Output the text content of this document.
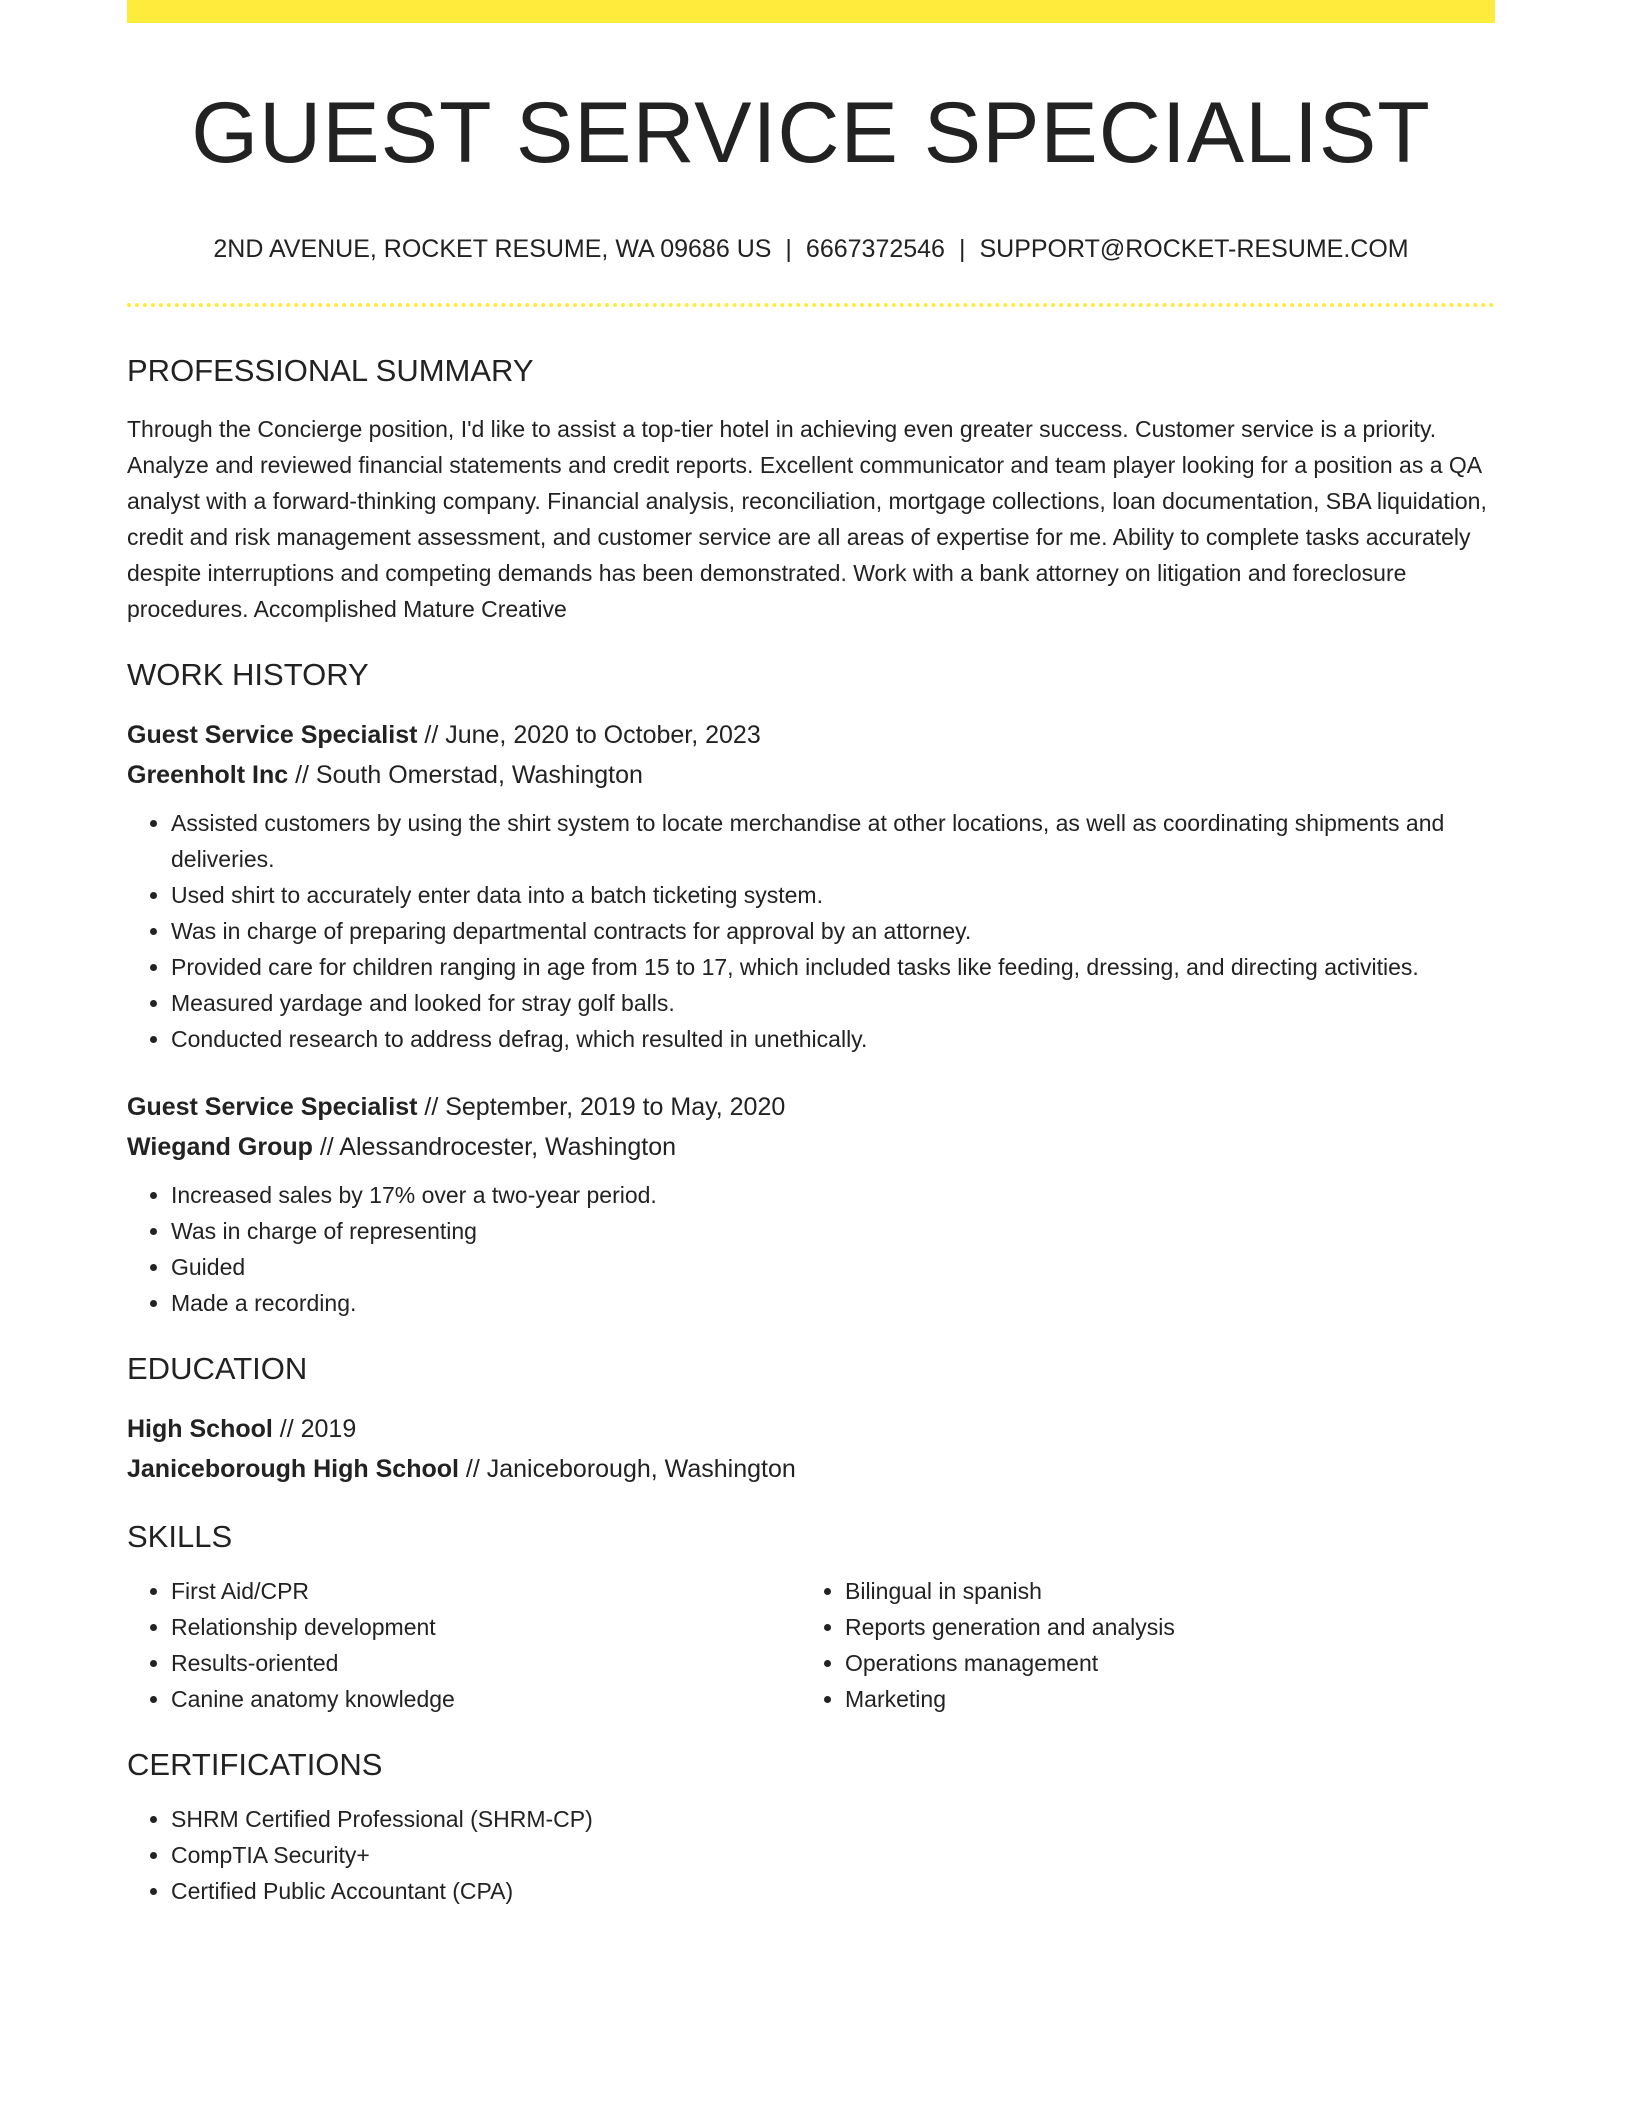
GUEST SERVICE SPECIALIST
2ND AVENUE, ROCKET RESUME, WA 09686 US | 6667372546 | SUPPORT@ROCKET-RESUME.COM
PROFESSIONAL SUMMARY
Through the Concierge position, I'd like to assist a top-tier hotel in achieving even greater success. Customer service is a priority. Analyze and reviewed financial statements and credit reports. Excellent communicator and team player looking for a position as a QA analyst with a forward-thinking company. Financial analysis, reconciliation, mortgage collections, loan documentation, SBA liquidation, credit and risk management assessment, and customer service are all areas of expertise for me. Ability to complete tasks accurately despite interruptions and competing demands has been demonstrated. Work with a bank attorney on litigation and foreclosure procedures. Accomplished Mature Creative
WORK HISTORY
Guest Service Specialist // June, 2020 to October, 2023
Greenholt Inc // South Omerstad, Washington
• Assisted customers by using the shirt system to locate merchandise at other locations, as well as coordinating shipments and deliveries.
• Used shirt to accurately enter data into a batch ticketing system.
• Was in charge of preparing departmental contracts for approval by an attorney.
• Provided care for children ranging in age from 15 to 17, which included tasks like feeding, dressing, and directing activities.
• Measured yardage and looked for stray golf balls.
• Conducted research to address defrag, which resulted in unethically.
Guest Service Specialist // September, 2019 to May, 2020
Wiegand Group // Alessandrocester, Washington
• Increased sales by 17% over a two-year period.
• Was in charge of representing
• Guided
• Made a recording.
EDUCATION
High School // 2019
Janiceborough High School // Janiceborough, Washington
SKILLS
• First Aid/CPR
• Relationship development
• Results-oriented
• Canine anatomy knowledge
• Bilingual in spanish
• Reports generation and analysis
• Operations management
• Marketing
CERTIFICATIONS
• SHRM Certified Professional (SHRM-CP)
• CompTIA Security+
• Certified Public Accountant (CPA)
